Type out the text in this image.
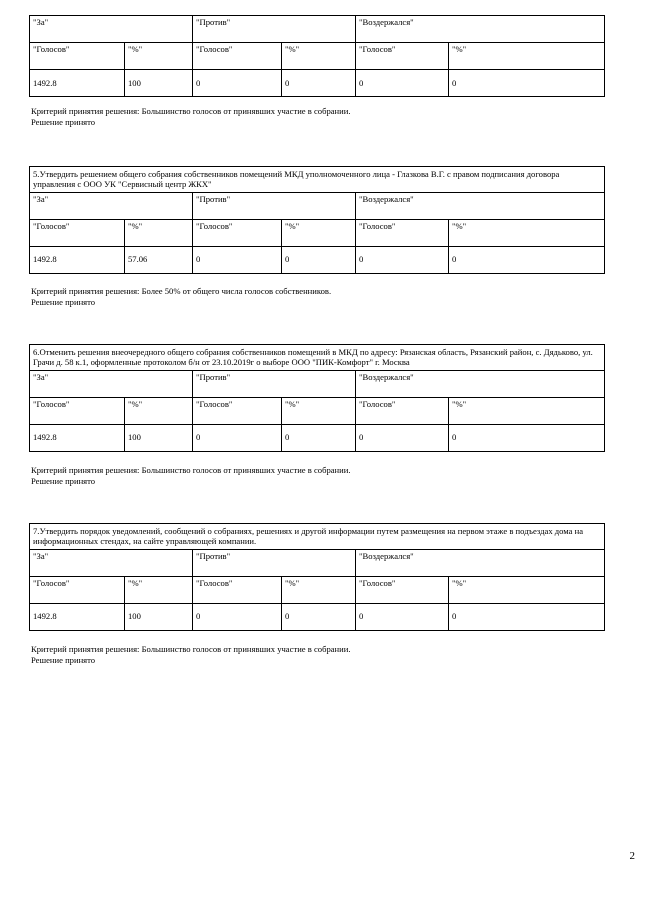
"За"		"Против"		"Воздержался"	
"Голосов"	"%"	"Голосов"	"%"	"Голосов"	"%"
1492.8	100	0	0	0	0
Критерий принятия решения: Большинство голосов от принявших участие в собрании.
Решение принято
5.Утвердить решением общего собрания собственников помещений МКД уполномоченного лица - Глазкова В.Г. с правом подписания договора управления с ООО УК "Сервисный центр ЖКХ"					
"За"		"Против"		"Воздержался"	
"Голосов"	"%"	"Голосов"	"%"	"Голосов"	"%"
1492.8	57.06	0	0	0	0
Критерий принятия решения: Более 50% от общего числа голосов собственников.
Решение принято
6.Отменить решения внеочередного общего собрания собственников помещений в МКД по адресу: Рязанская область, Рязанский район, с. Дядьково, ул. Грачи д. 58 к.1, оформленные протоколом б/н от 23.10.2019г о выборе ООО "ПИК-Комфорт" г. Москва					
"За"		"Против"		"Воздержался"	
"Голосов"	"%"	"Голосов"	"%"	"Голосов"	"%"
1492.8	100	0	0	0	0
Критерий принятия решения: Большинство голосов от принявших участие в собрании.
Решение принято
7.Утвердить порядок уведомлений, сообщений о собраниях, решениях и другой информации путем размещения на первом этаже в подъездах дома на информационных стендах, на сайте управляющей компании.					
"За"		"Против"		"Воздержался"	
"Голосов"	"%"	"Голосов"	"%"	"Голосов"	"%"
1492.8	100	0	0	0	0
Критерий принятия решения: Большинство голосов от принявших участие в собрании.
Решение принято
2
